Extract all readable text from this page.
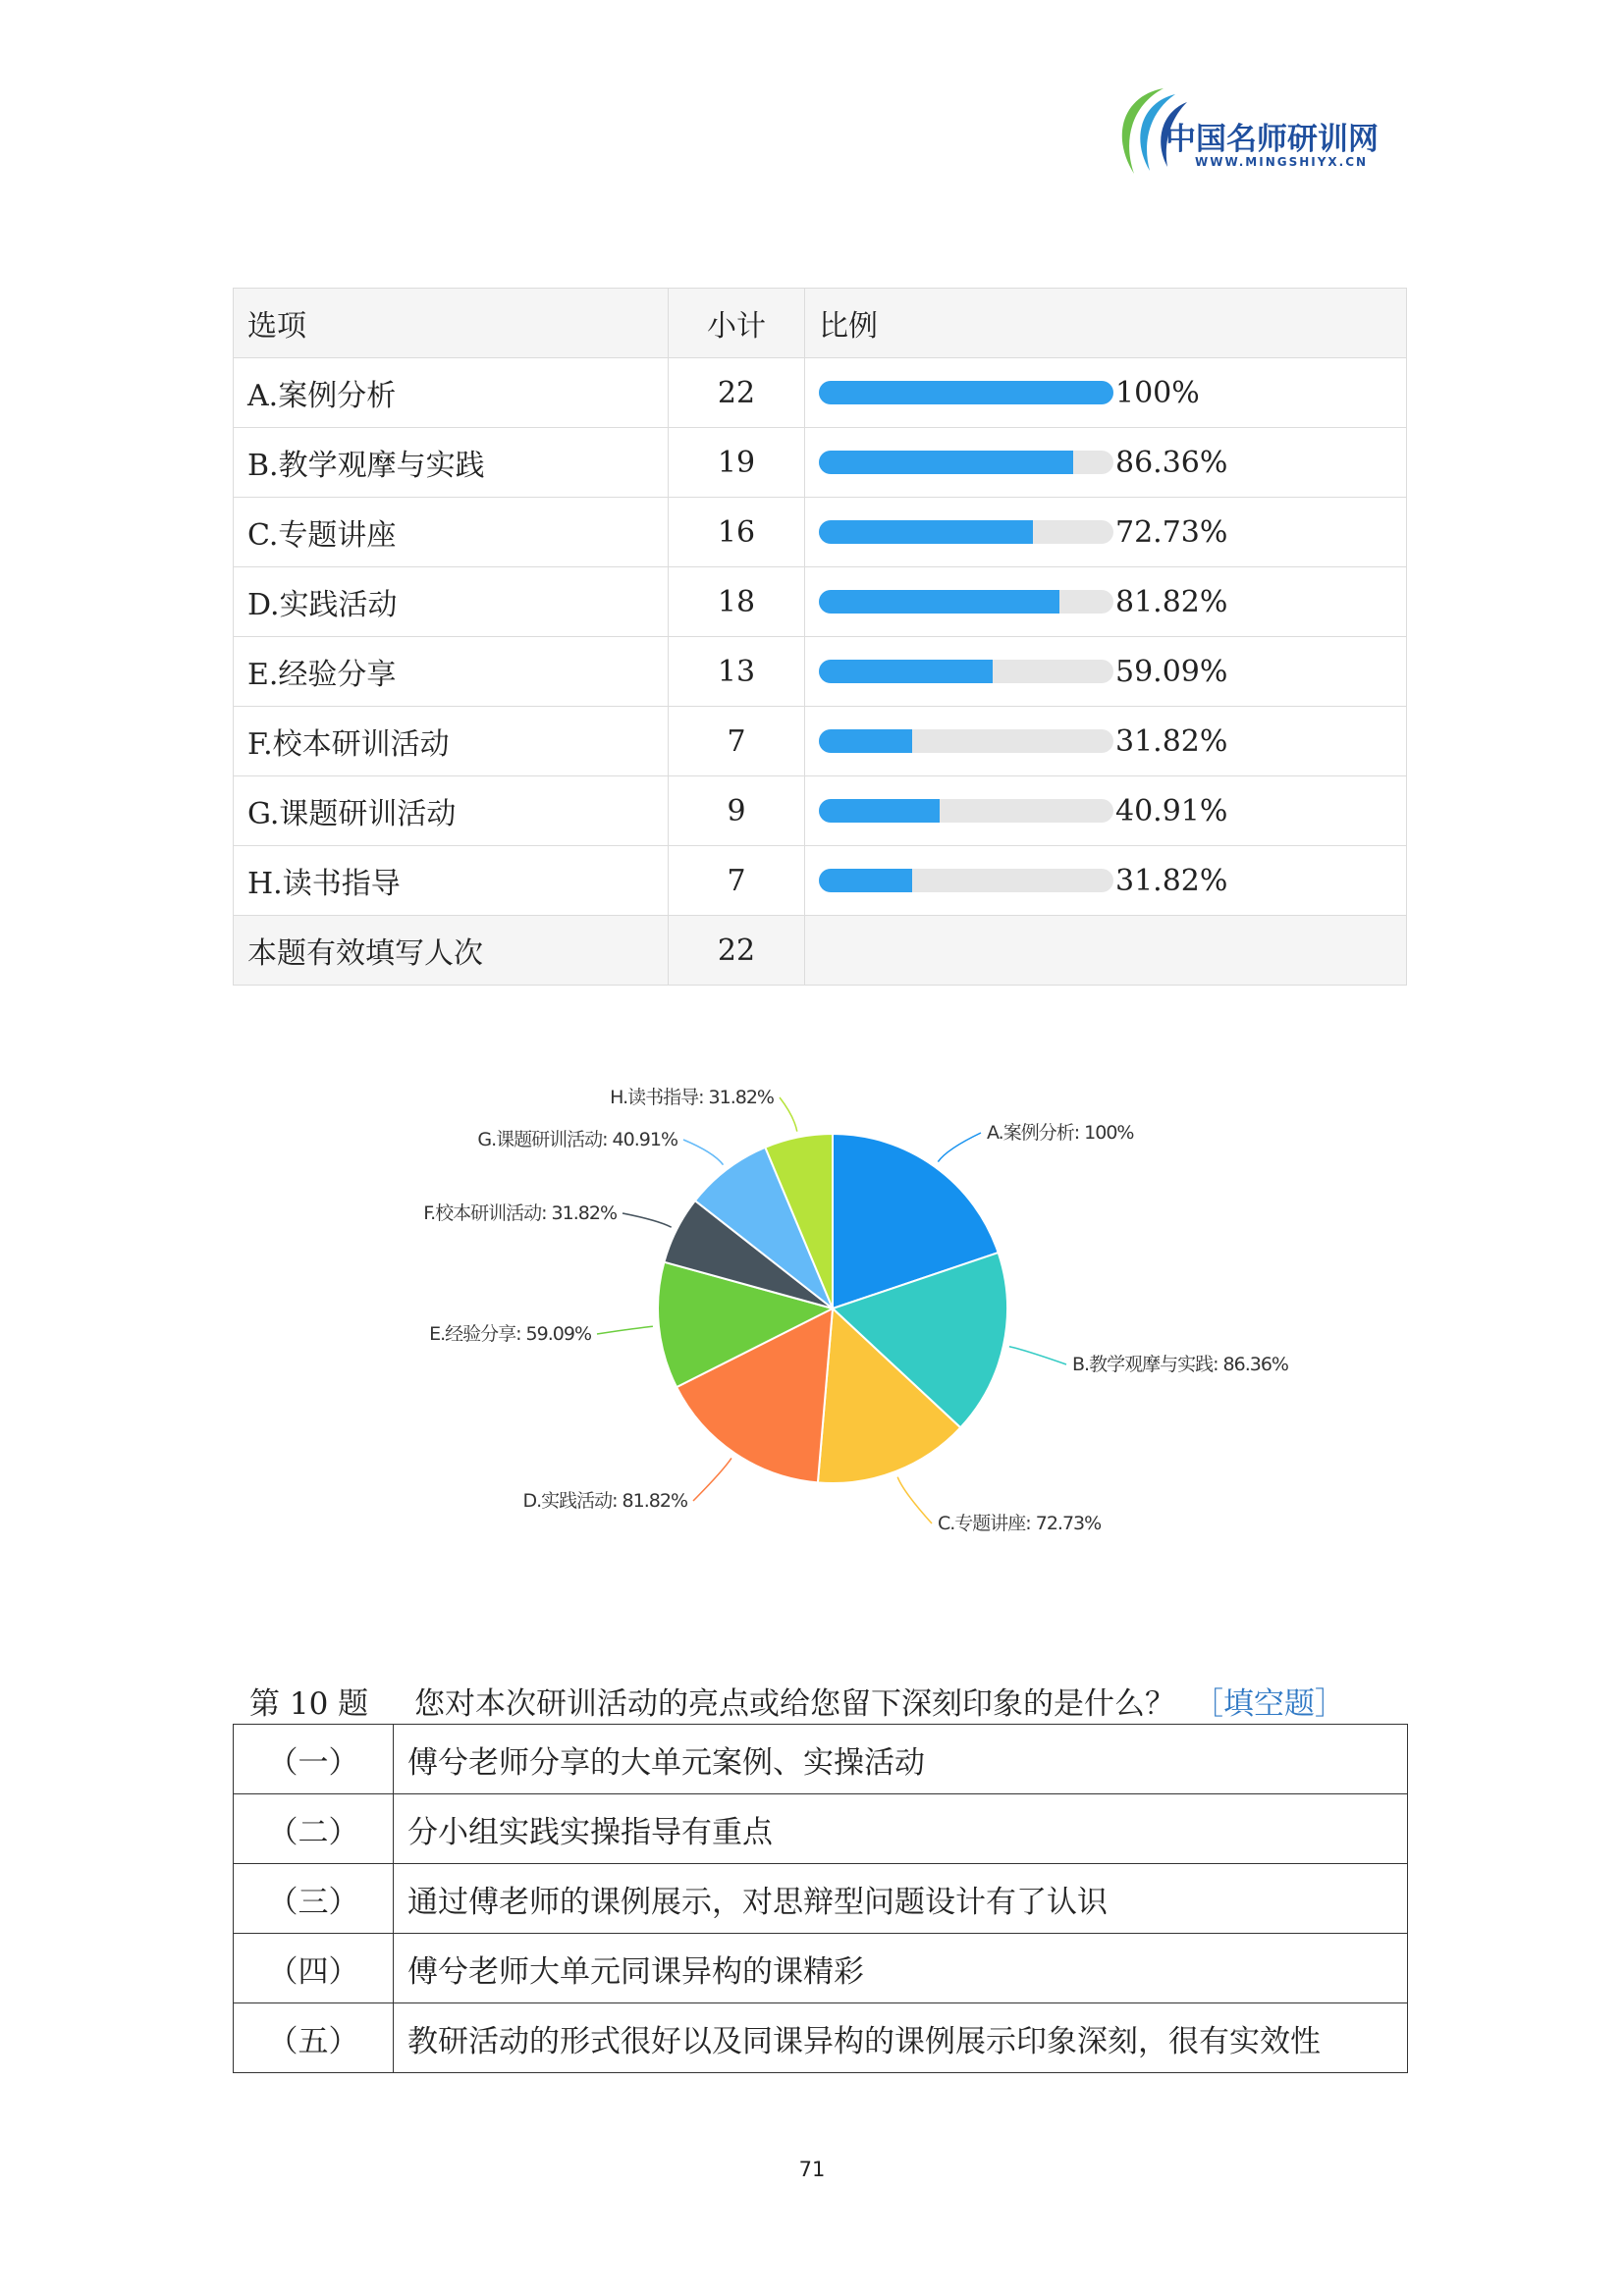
中国名师研训网
WWW.MINGSHIYX.CN
选项	小计	比例
A.案例分析	22	100%

B.教学观摩与实践	19	86.36%

C.专题讲座	16	72.73%

D.实践活动	18	81.82%

E.经验分享	13	59.09%

F.校本研训活动	7	31.82%

G.课题研训活动	9	40.91%

H.读书指导	7	31.82%

本题有效填写人次	22	
A.案例分析: 100%
B.教学观摩与实践: 86.36%
C.专题讲座: 72.73%
D.实践活动: 81.82%
E.经验分享: 59.09%
F.校本研训活动: 31.82%
G.课题研训活动: 40.91%
H.读书指导: 31.82%
第 10 题 您对本次研训活动的亮点或给您留下深刻印象的是什么？ ［填空题］
（一）	傅兮老师分享的大单元案例、实操活动
（二）	分小组实践实操指导有重点
（三）	通过傅老师的课例展示，对思辩型问题设计有了认识
（四）	傅兮老师大单元同课异构的课精彩
（五）	教研活动的形式很好以及同课异构的课例展示印象深刻，很有实效性
71
